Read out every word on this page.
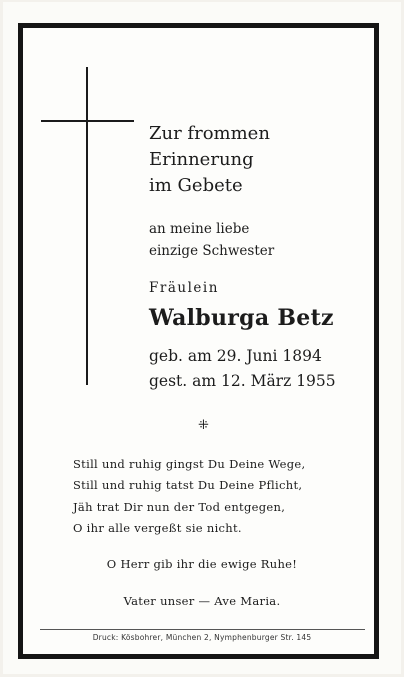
Zur frommen
Erinnerung
im Gebete
an meine liebe
einzige Schwester
Fräulein
Walburga Betz
geb. am 29. Juni 1894
gest. am 12. März 1955
⁜
Still und ruhig gingst Du Deine Wege,
Still und ruhig tatst Du Deine Pflicht,
Jäh trat Dir nun der Tod entgegen,
O ihr alle vergeßt sie nicht.
O Herr gib ihr die ewige Ruhe!
Vater unser — Ave Maria.
Druck: Kösbohrer, München 2, Nymphenburger Str. 145
